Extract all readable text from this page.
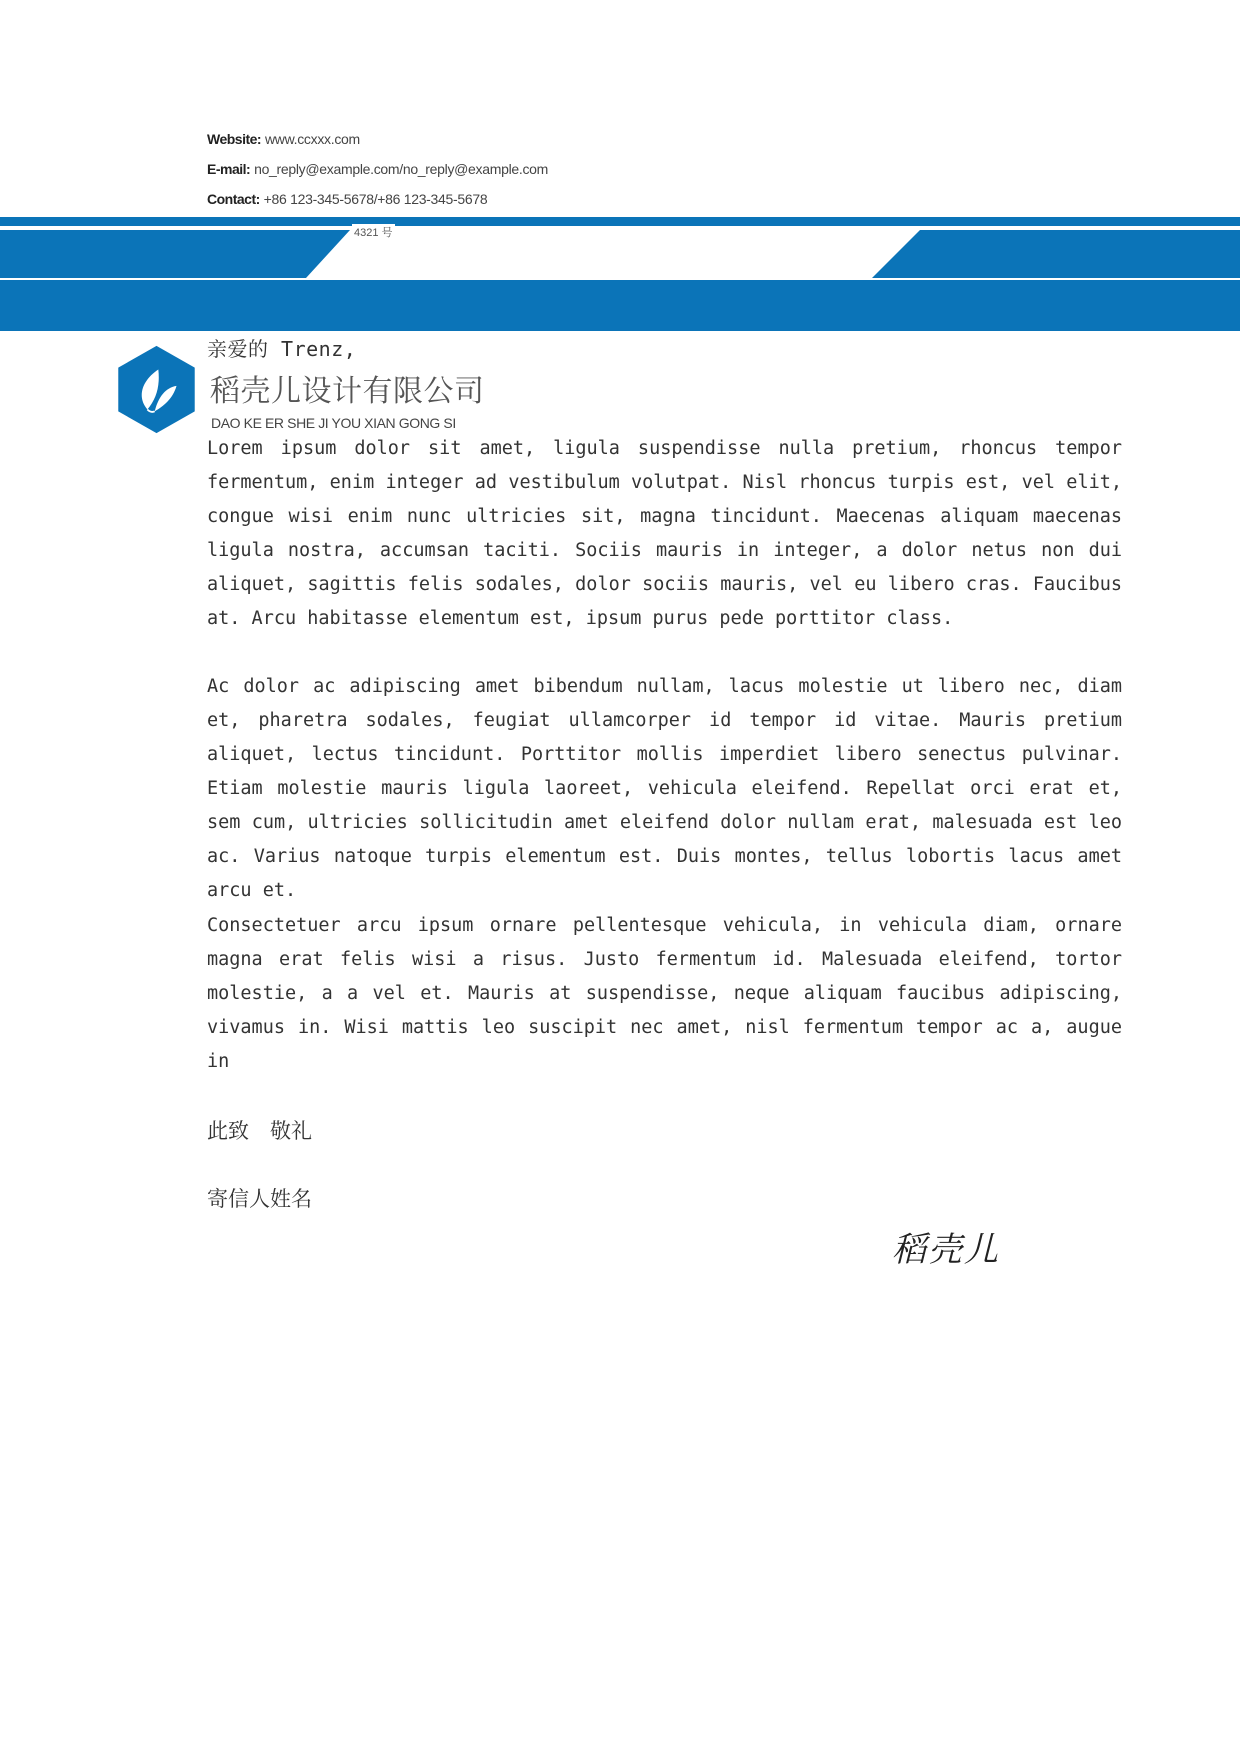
Website: www.ccxxx.com
E-mail: no_reply@example.com/no_reply@example.com
Contact: +86 123-345-5678/+86 123-345-5678
4321 号
亲爱的 Trenz,
稻壳儿设计有限公司
DAO KE ER SHE JI YOU XIAN GONG SI
Lorem ipsum dolor sit amet, ligula suspendisse nulla pretium, rhoncus tempor fermentum, enim integer ad vestibulum volutpat. Nisl rhoncus turpis est, vel elit, congue wisi enim nunc ultricies sit, magna tincidunt. Maecenas aliquam maecenas ligula nostra, accumsan taciti. Sociis mauris in integer, a dolor netus non dui aliquet, sagittis felis sodales, dolor sociis mauris, vel eu libero cras. Faucibus at. Arcu habitasse elementum est, ipsum purus pede porttitor class.
Ac dolor ac adipiscing amet bibendum nullam, lacus molestie ut libero nec, diam et, pharetra sodales, feugiat ullamcorper id tempor id vitae. Mauris pretium aliquet, lectus tincidunt. Porttitor mollis imperdiet libero senectus pulvinar. Etiam molestie mauris ligula laoreet, vehicula eleifend. Repellat orci erat et, sem cum, ultricies sollicitudin amet eleifend dolor nullam erat, malesuada est leo ac. Varius natoque turpis elementum est. Duis montes, tellus lobortis lacus amet arcu et.
Consectetuer arcu ipsum ornare pellentesque vehicula, in vehicula diam, ornare magna erat felis wisi a risus. Justo fermentum id. Malesuada eleifend, tortor molestie, a a vel et. Mauris at suspendisse, neque aliquam faucibus adipiscing, vivamus in. Wisi mattis leo suscipit nec amet, nisl fermentum tempor ac a, augue in
此致　敬礼
寄信人姓名
稻壳儿
